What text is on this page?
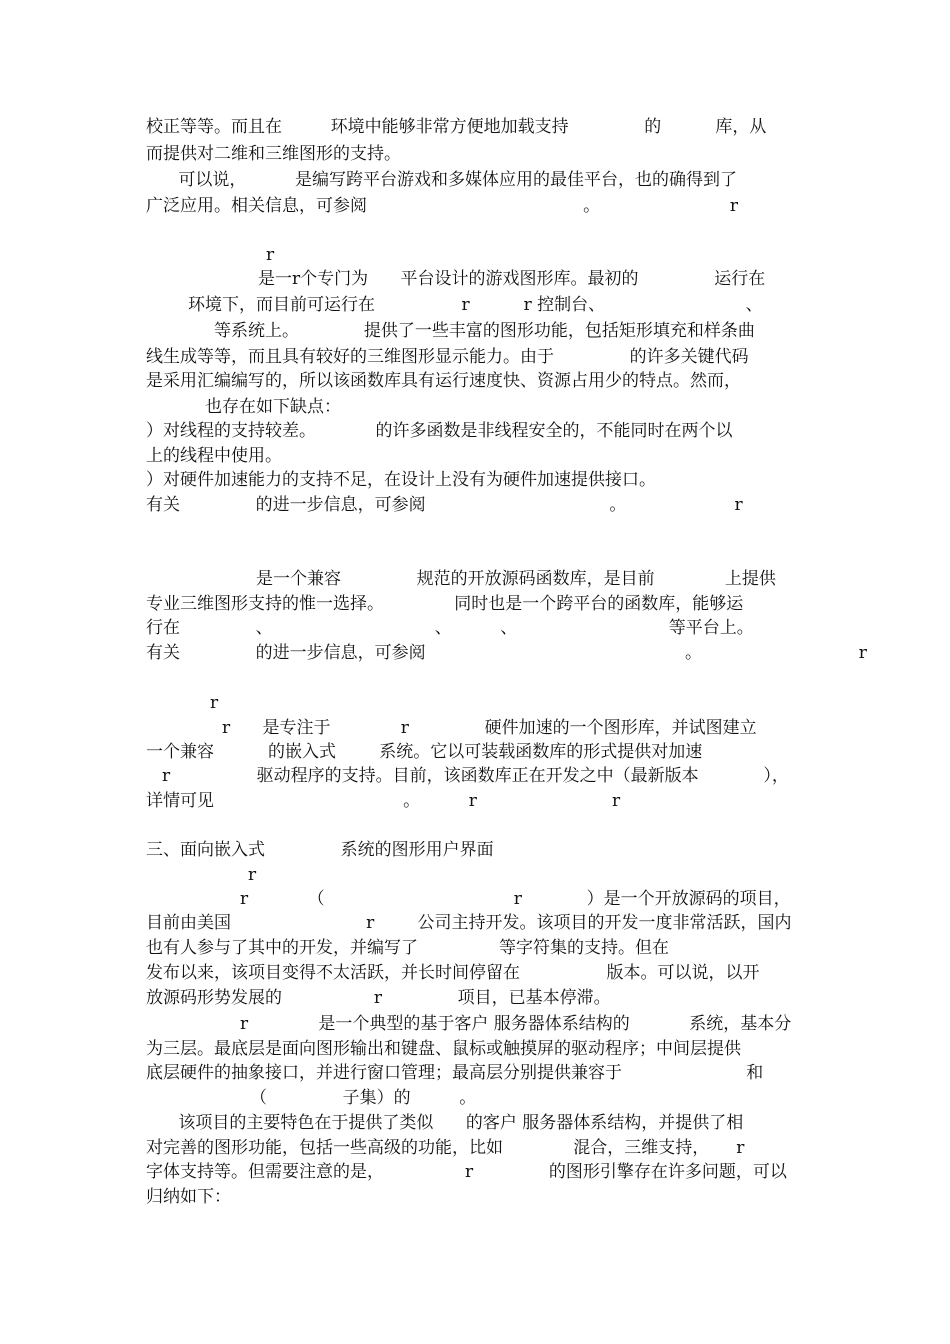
校正等等。而且在         环境中能够非常方便地加载支持              的          库，从
而提供对二维和三维图形的支持。
可以说，         是编写跨平台游戏和多媒体应用的最佳平台，也的确得到了
广泛应用。相关信息，可参阅                                        。                        r
r
是一r个专门为      平台设计的游戏图形库。最初的              运行在
环境下，而目前可运行在                r          r 控制台、                          、
等系统上。            提供了一些丰富的图形功能，包括矩形填充和样条曲
线生成等等，而且具有较好的三维图形显示能力。由于              的许多关键代码
是采用汇编编写的，所以该函数库具有运行速度快、资源占用少的特点。然而，
也存在如下缺点：
）对线程的支持较差。           的许多函数是非线程安全的，不能同时在两个以
上的线程中使用。
）对硬件加速能力的支持不足，在设计上没有为硬件加速提供接口。
有关              的进一步信息，可参阅                                  。                    r
是一个兼容              规范的开放源码函数库，是目前             上提供
专业三维图形支持的惟一选择。             同时也是一个跨平台的函数库，能够运
行在              、                              、         、                            等平台上。
有关              的进一步信息，可参阅                                                。                             r
r
r      是专注于             r              硬件加速的一个图形库，并试图建立
一个兼容          的嵌入式        系统。它以可装载函数库的形式提供对加速
r                驱动程序的支持。目前，该函数库正在开发之中（最新版本            ），
详情可见                                   。         r                         r
三、面向嵌入式              系统的图形用户界面
r
r           （                                   r            ）是一个开放源码的项目，
目前由美国                         r        公司主持开发。该项目的开发一度非常活跃，国内
也有人参与了其中的开发，并编写了               等字符集的支持。但在
发布以来，该项目变得不太活跃，并长时间停留在                版本。可以说，以开
放源码形势发展的                 r              项目，已基本停滞。
r             是一个典型的基于客户 服务器体系结构的           系统，基本分
为三层。最底层是面向图形输出和键盘、鼠标或触摸屏的驱动程序；中间层提供
底层硬件的抽象接口，并进行窗口管理；最高层分别提供兼容于                       和
（              子集）的         。
该项目的主要特色在于提供了类似      的客户 服务器体系结构，并提供了相
对完善的图形功能，包括一些高级的功能，比如             混合，三维支持，     r
字体支持等。但需要注意的是，               r              的图形引擎存在许多问题，可以
归纳如下：
